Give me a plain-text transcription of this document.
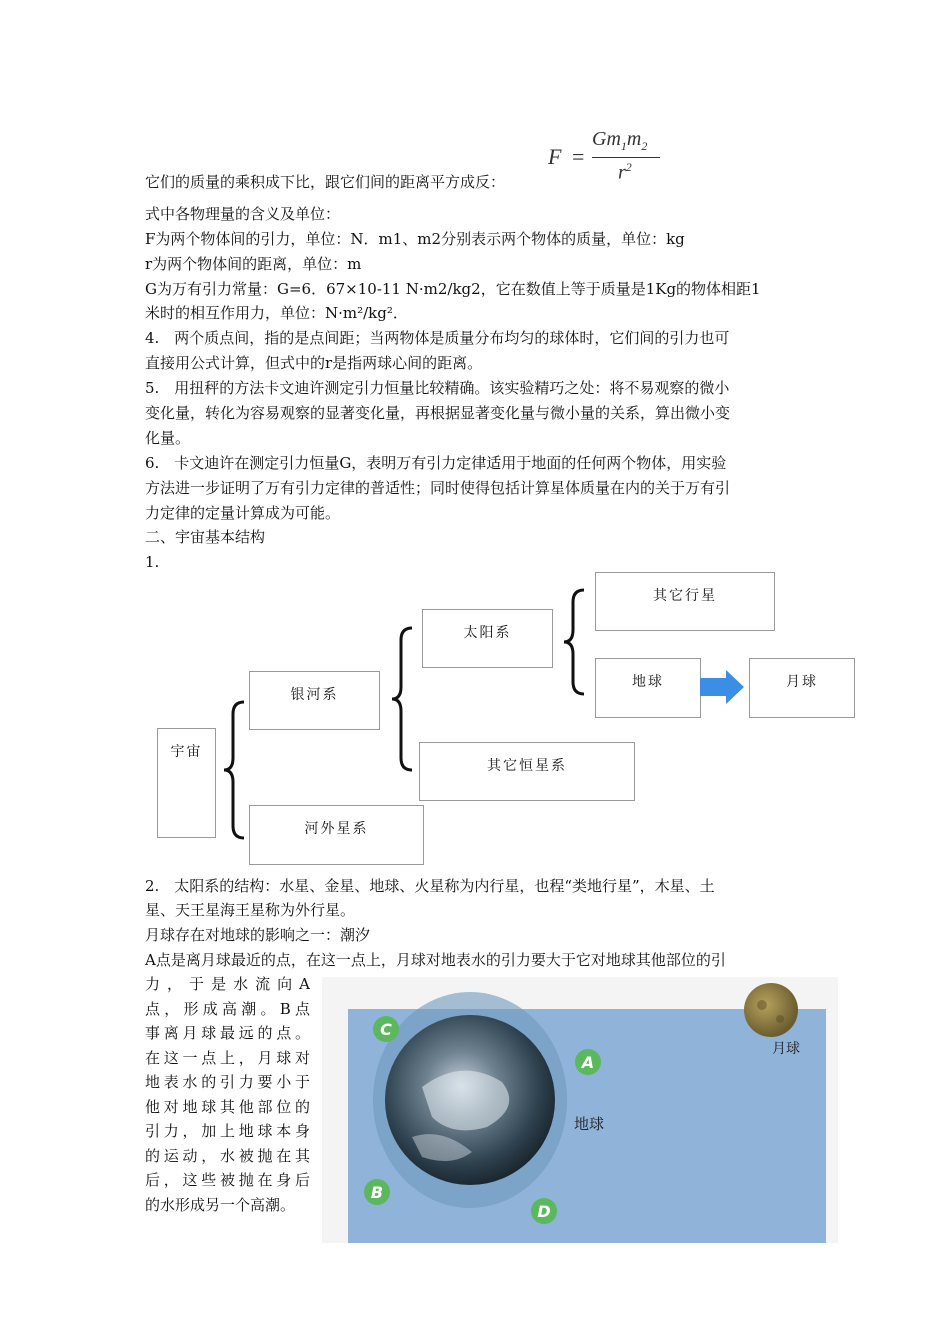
F =
$Gm_1m_2$
$r^2$
它们的质量的乘积成下比，跟它们间的距离平方成反：
式中各物理量的含义及单位：
F为两个物体间的引力，单位：N．m1、m2分别表示两个物体的质量，单位：kg
r为两个物体间的距离，单位：m
G为万有引力常量：G=6．67×10-11 N·m2/kg2，它在数值上等于质量是1Kg的物体相距1
米时的相互作用力，单位：N·m²/kg²．
4.　两个质点间，指的是点间距；当两物体是质量分布均匀的球体时，它们间的引力也可
直接用公式计算，但式中的r是指两球心间的距离。
5.　用扭秤的方法卡文迪许测定引力恒量比较精确。该实验精巧之处：将不易观察的微小
变化量，转化为容易观察的显著变化量，再根据显著变化量与微小量的关系，算出微小变
化量。
6.　卡文迪许在测定引力恒量G，表明万有引力定律适用于地面的任何两个物体，用实验
方法进一步证明了万有引力定律的普适性；同时使得包括计算星体质量在内的关于万有引
力定律的定量计算成为可能。
二、宇宙基本结构
1.
宇宙
银河系
河外星系
太阳系
其它恒星系
其它行星
地球	月球
2.　太阳系的结构：水星、金星、地球、火星称为内行星，也程“类地行星”，木星、土
星、天王星海王星称为外行星。
月球存在对地球的影响之一：潮汐
A点是离月球最近的点，在这一点上，月球对地表水的引力要大于它对地球其他部位的引
力，于是水流向A
点，形成高潮。B点
事离月球最远的点。
在这一点上，月球对
地表水的引力要小于
他对地球其他部位的
引力，加上地球本身
的运动，水被抛在其
后，这些被抛在身后
的水形成另一个高潮。
C
A
B
D
地球
月球
